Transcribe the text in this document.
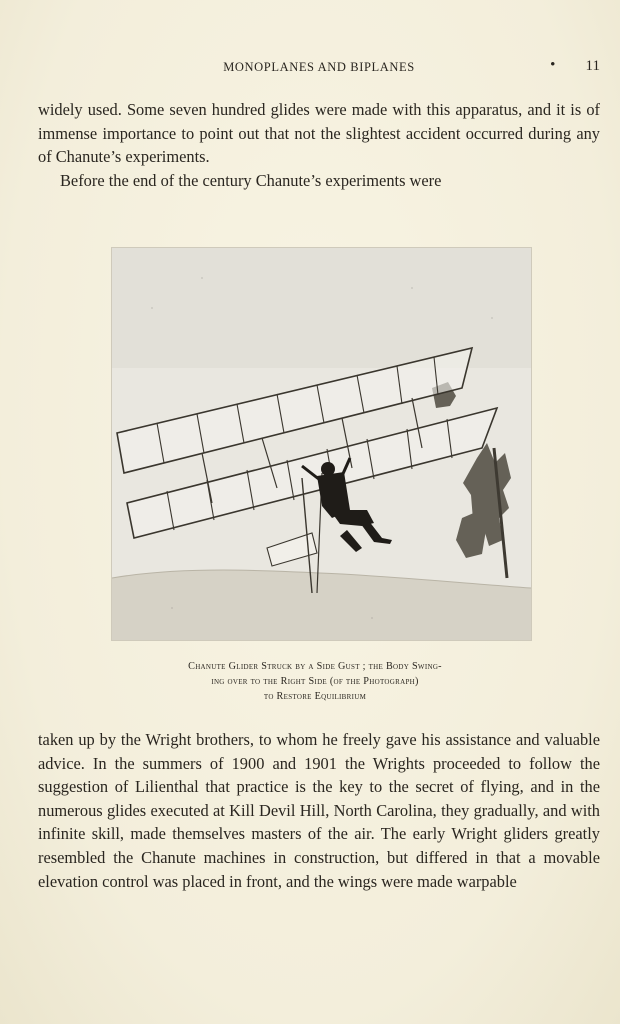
MONOPLANES AND BIPLANES	• 11

widely used. Some seven hundred glides were made with this apparatus, and it is of immense importance to point out that not the slightest accident occurred during any of Chanute’s experiments.

Before the end of the century Chanute’s experiments were

Chanute Glider Struck by a Side Gust ; the Body Swing-
ing over to the Right Side (of the Photograph)
to Restore Equilibrium

taken up by the Wright brothers, to whom he freely gave his assistance and valuable advice. In the summers of 1900 and 1901 the Wrights proceeded to follow the suggestion of Lilienthal that practice is the key to the secret of flying, and in the numerous glides executed at Kill Devil Hill, North Carolina, they gradually, and with infinite skill, made themselves masters of the air. The early Wright gliders greatly resembled the Chanute machines in construction, but differed in that a movable elevation control was placed in front, and the wings were made warpable
